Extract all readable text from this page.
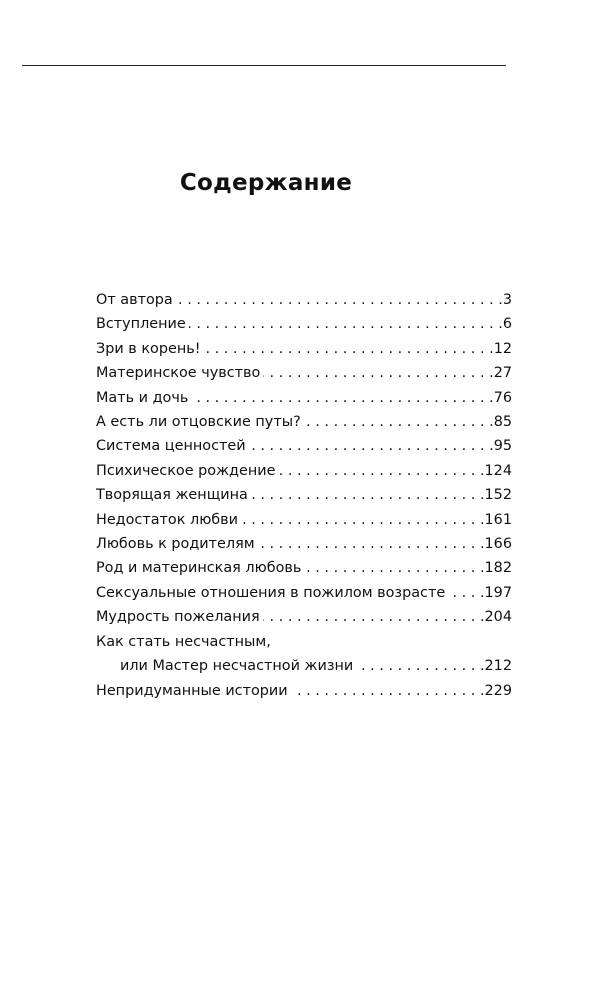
Содержание
От автора . . .	3
Вступление . . .	6
Зри в корень! . . .	12
Материнское чувство . . .	27
Мать и дочь . . .	76
А есть ли отцовские путы? . . .	85
Система ценностей . . .	95
Психическое рождение . . .	124
Творящая женщина . . .	152
Недостаток любви . . .	161
Любовь к родителям . . .	166
Род и материнская любовь . . .	182
Сексуальные отношения в пожилом возрасте . . .	197
Мудрость пожелания . . .	204
Как стать несчастным,
или Мастер несчастной жизни . . .	212
Непридуманные истории . . .	229
